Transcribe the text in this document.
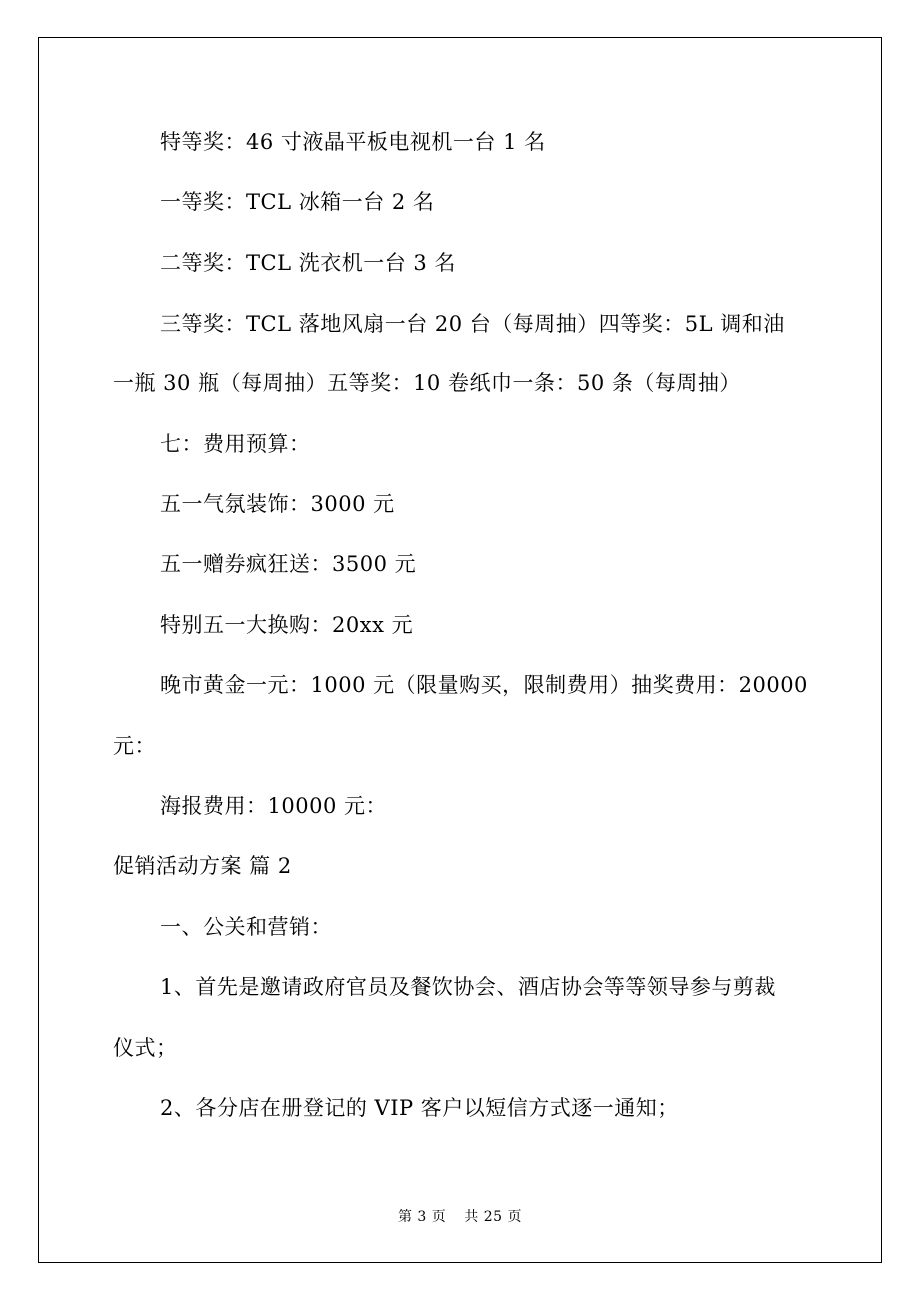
特等奖：46 寸液晶平板电视机一台 1 名
一等奖：TCL 冰箱一台 2 名
二等奖：TCL 洗衣机一台 3 名
三等奖：TCL 落地风扇一台 20 台（每周抽）四等奖：5L 调和油
一瓶 30 瓶（每周抽）五等奖：10 卷纸巾一条：50 条（每周抽）
七：费用预算：
五一气氛装饰：3000 元
五一赠券疯狂送：3500 元
特别五一大换购：20xx 元
晚市黄金一元：1000 元（限量购买，限制费用）抽奖费用：20000
元：
海报费用：10000 元：
促销活动方案 篇 2
一、公关和营销：
1、首先是邀请政府官员及餐饮协会、酒店协会等等领导参与剪裁
仪式；
2、各分店在册登记的 VIP 客户以短信方式逐一通知；
第 3 页 共 25 页
